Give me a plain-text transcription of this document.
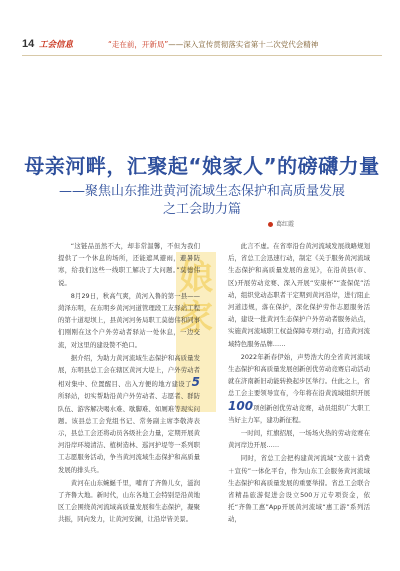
14 工会信息	“走在前，开新局”——深入宣传贯彻落实省第十二次党代会精神
母亲河畔，汇聚起“娘家人”的磅礴力量
——聚焦山东推进黄河流域生态保护和高质量发展
之工会助力篇
葛红霞
娘家

“这链品虽然不大，却非常温馨，不但为我们提供了一个休息的场所，还能遮风避雨，避暑防寒，给我们这些一线职工解决了大问题。”莫德伟说。

8月29日，秋高气爽，黄河入鲁的第一县——菏泽东明，在东明乡黄河河道管理段工友驿站工程的第十道堤坝上，县黄河河务局职工莫德伟和同事们刚刚在这个户外劳动者驿站一处休息，一边交流，对这里的建设赞不绝口。

据介绍，为助力黄河流域生态保护和高质量发展，东明县总工会在辖区黄河大堤上，户外劳动者相对集中、位置醒目、出入方便的地方建设了5所驿站，切实帮助沿黄户外劳动者、志愿者、群防队伍、游客解决喝水难、歇脚难、如厕难等现实问题。该县总工会党组书记、常务副主席李敬涛表示，县总工会还将动员各级社会力量，定期开展黄河沿岸环境清洁、植树造林、巡河护堤等一系列职工志愿服务活动，争当黄河流域生态保护和高质量发展的排头兵。

黄河在山东蜿蜒千里，哺育了齐鲁儿女，滋润了齐鲁大地。新时代，山东各地工会特别是沿黄地区工会围绕黄河流域高质量发展和生态保护，凝聚共振，同向发力，让黄河安澜，让沿岸皆美景。

此言不虚。在省率沿台黄河流域发展战略规划后，省总工会迅速行动，制定《关于服务黄河流域生态保护和高质量发展的意见》，在沿黄县(市、区)开展劳动竞赛、深入开展“安康杯”“查保促”活动，组织党动态职者干定期到黄河沿岸，进行阻止河道违规，落在保护，深化保护劳作志愿服务活动，建设一批黄河生态保护户外劳动者服务站点，实施黄河流域职工权益保障专项行动，打造黄河流域特色服务品牌……

2022年新春伊始，声势浩大的全省黄河流域生态保护和高质量发展创新创优劳动竞赛启动活动就在济南新旧动能转换起步区举行。仕此之上，省总工会主要领导宣布，今年将在沿黄流域组织开展100项创新创优劳动竞赛，动员组织广大职工当好主力军，建功新征程。

一时间，红旗招展，一场场火热的劳动竞赛在黄河岸边开展……

同时，省总工会把构建黄河流域“文旅＋消费＋宣传”一体化平台，作为山东工会服务黄河流域生态保护和高质量发展的重要举措。省总工会联合省精品旅游促进会设立500万元专项资金，依托“齐鲁工惠”App开展黄河流域“惠工游”系列活动，
